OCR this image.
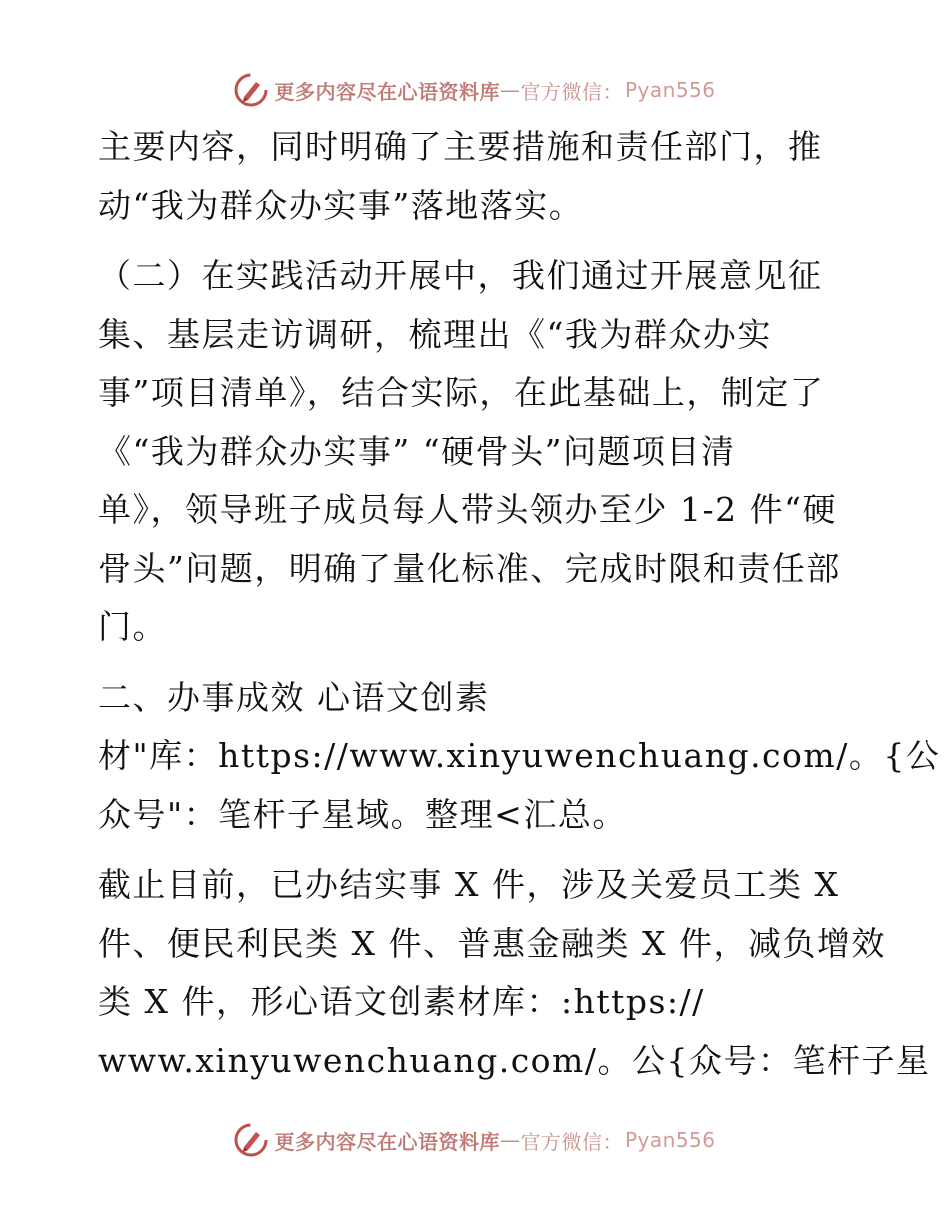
更多内容尽在心语资料库 — 官方微信： Pyan556
主要内容，同时明确了主要措施和责任部门，推
动“我为群众办实事”落地落实。
（二）在实践活动开展中，我们通过开展意见征
集、基层走访调研，梳理出《“我为群众办实
事”项目清单》，结合实际，在此基础上，制定了
《“我为群众办实事” “硬骨头”问题项目清
单》，领导班子成员每人带头领办至少 1-2 件“硬
骨头”问题，明确了量化标准、完成时限和责任部
门。
二、办事成效 心语文创素
材"库：https://www.xinyuwenchuang.com/。{公
众号"：笔杆子星域。整理<汇总。
截止目前，已办结实事 X 件，涉及关爱员工类 X
件、便民利民类 X 件、普惠金融类 X 件，减负增效
类 X 件，形心语文创素材库：:https://
www.xinyuwenchuang.com/。公{众号：笔杆子星
更多内容尽在心语资料库 — 官方微信： Pyan556
